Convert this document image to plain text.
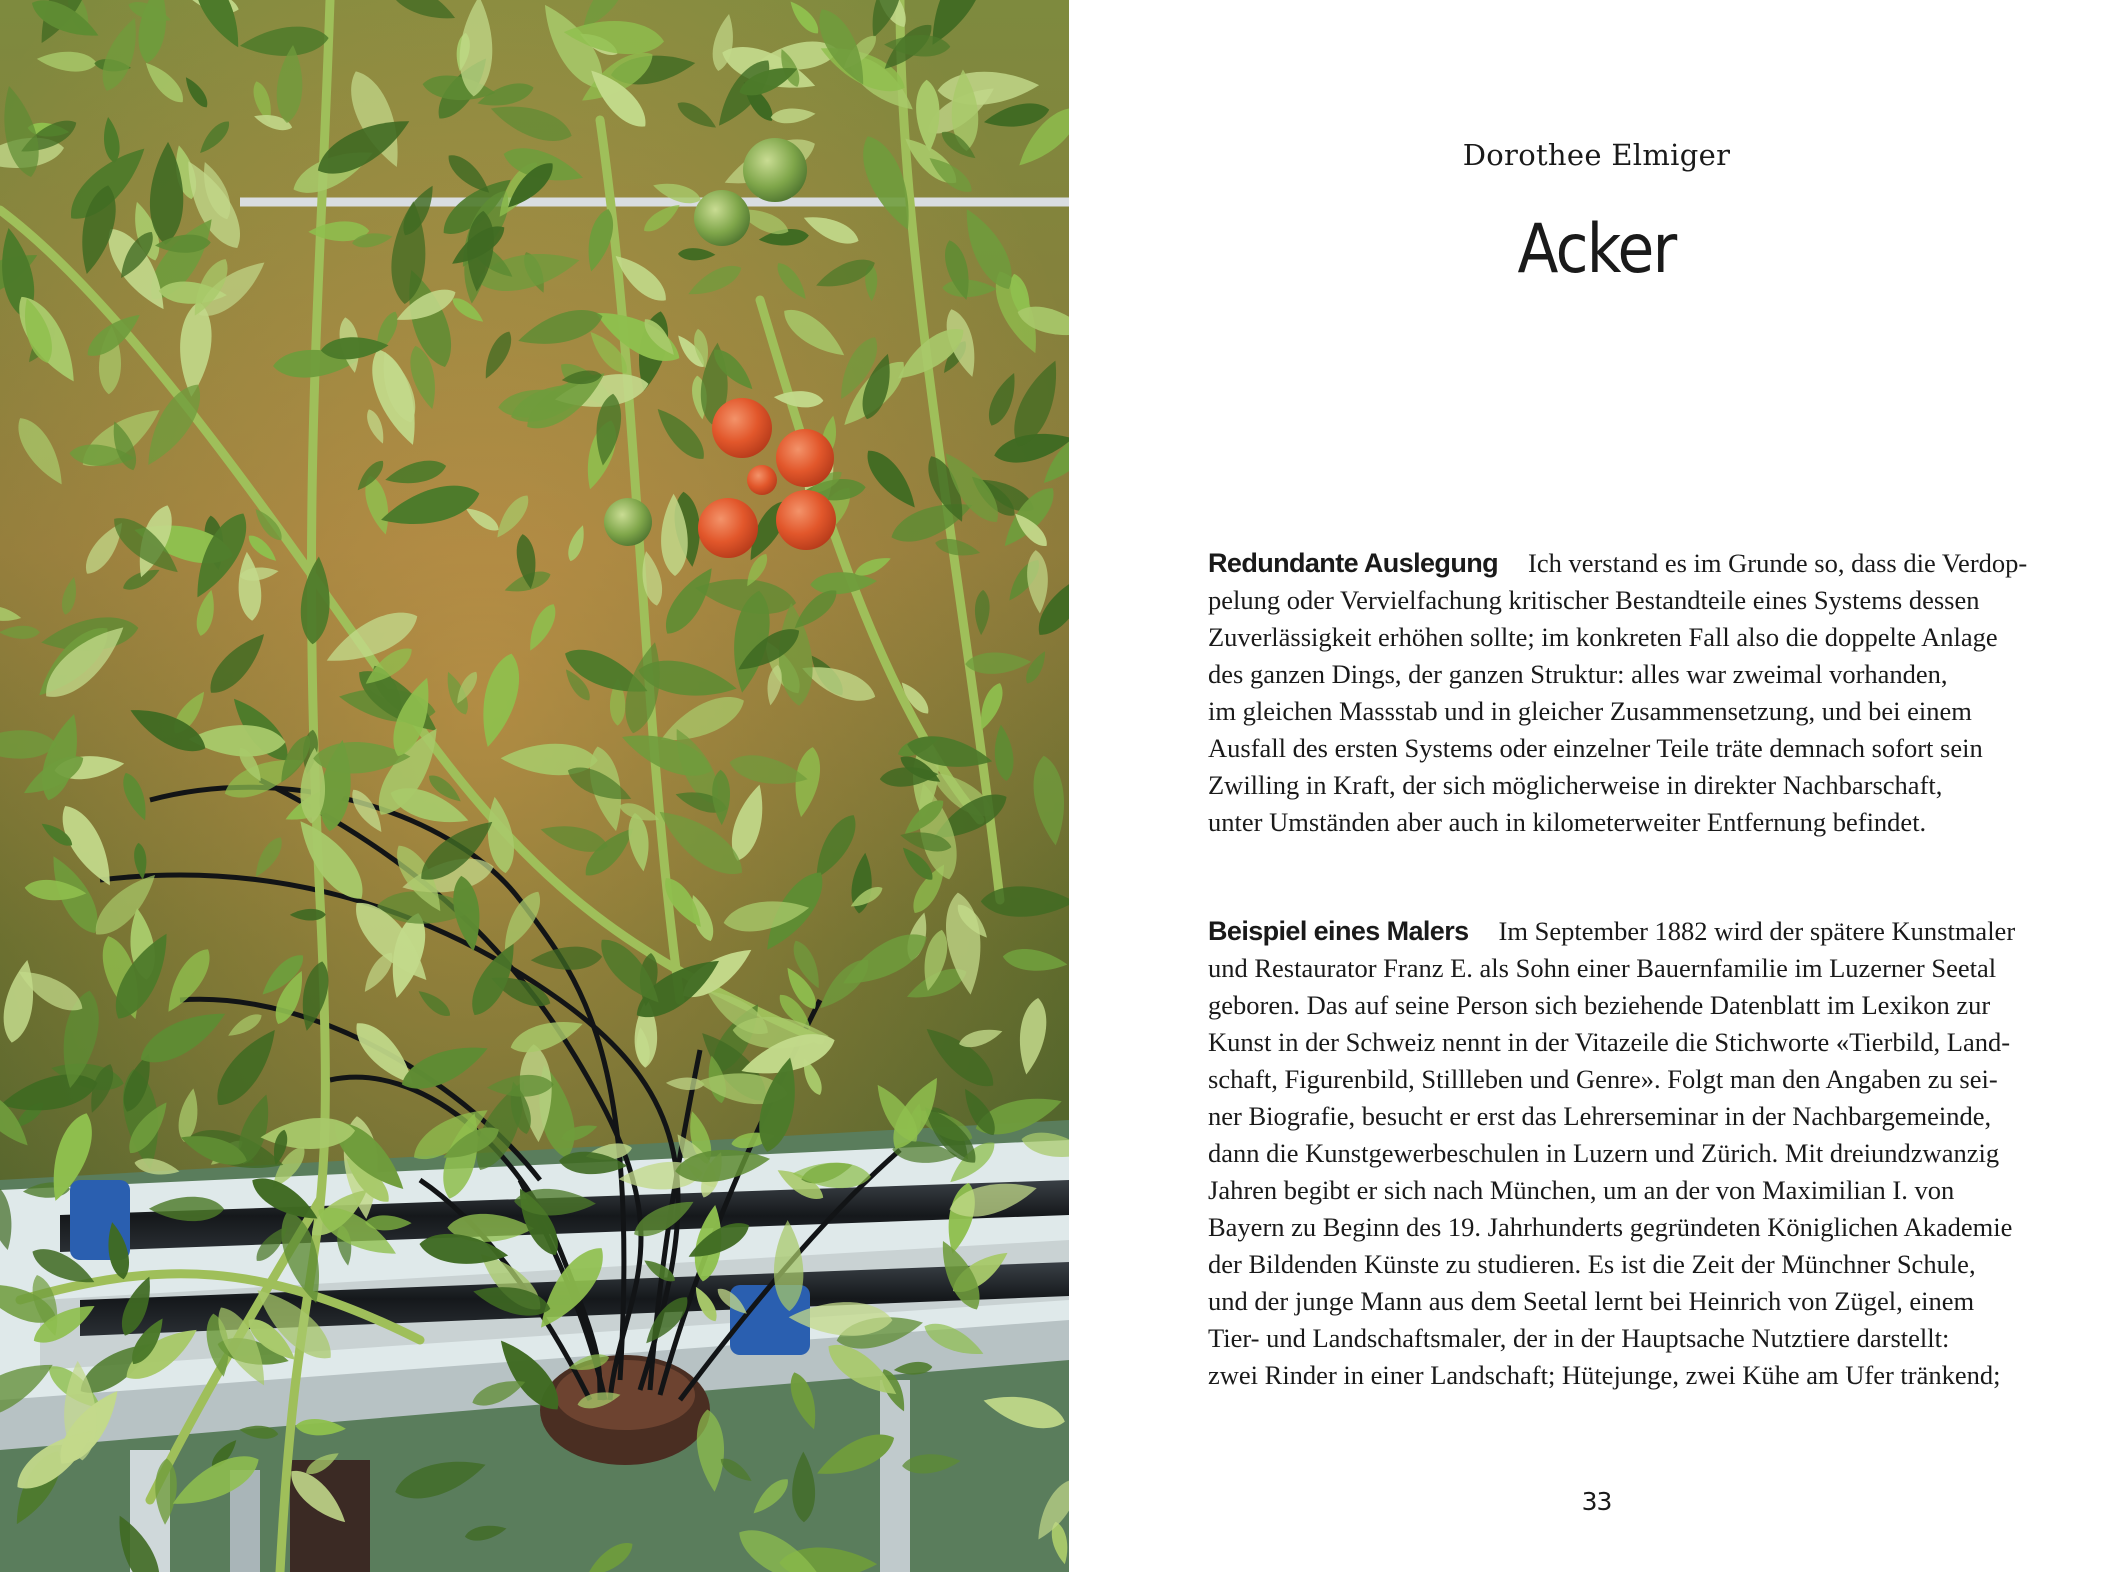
Dorothee Elmiger
Acker
Redundante Auslegung Ich verstand es im Grunde so, dass die Verdop-
pelung oder Vervielfachung kritischer Bestandteile eines Systems dessen
Zuverlässigkeit erhöhen sollte; im konkreten Fall also die doppelte Anlage
des ganzen Dings, der ganzen Struktur: alles war zweimal vorhanden,
im gleichen Massstab und in gleicher Zusammensetzung, und bei einem
Ausfall des ersten Systems oder einzelner Teile träte demnach sofort sein
Zwilling in Kraft, der sich möglicherweise in direkter Nachbarschaft,
unter Umständen aber auch in kilometerweiter Entfernung befindet.
Beispiel eines Malers Im September 1882 wird der spätere Kunstmaler
und Restaurator Franz E. als Sohn einer Bauernfamilie im Luzerner Seetal
geboren. Das auf seine Person sich beziehende Datenblatt im Lexikon zur
Kunst in der Schweiz nennt in der Vitazeile die Stichworte «Tierbild, Land-
schaft, Figurenbild, Stillleben und Genre». Folgt man den Angaben zu sei-
ner Biografie, besucht er erst das Lehrerseminar in der Nachbargemeinde,
dann die Kunstgewerbeschulen in Luzern und Zürich. Mit dreiundzwanzig
Jahren begibt er sich nach München, um an der von Maximilian I. von
Bayern zu Beginn des 19. Jahrhunderts gegründeten Königlichen Akademie
der Bildenden Künste zu studieren. Es ist die Zeit der Münchner Schule,
und der junge Mann aus dem Seetal lernt bei Heinrich von Zügel, einem
Tier- und Landschaftsmaler, der in der Hauptsache Nutztiere darstellt:
zwei Rinder in einer Landschaft; Hütejunge, zwei Kühe am Ufer tränkend;
33
